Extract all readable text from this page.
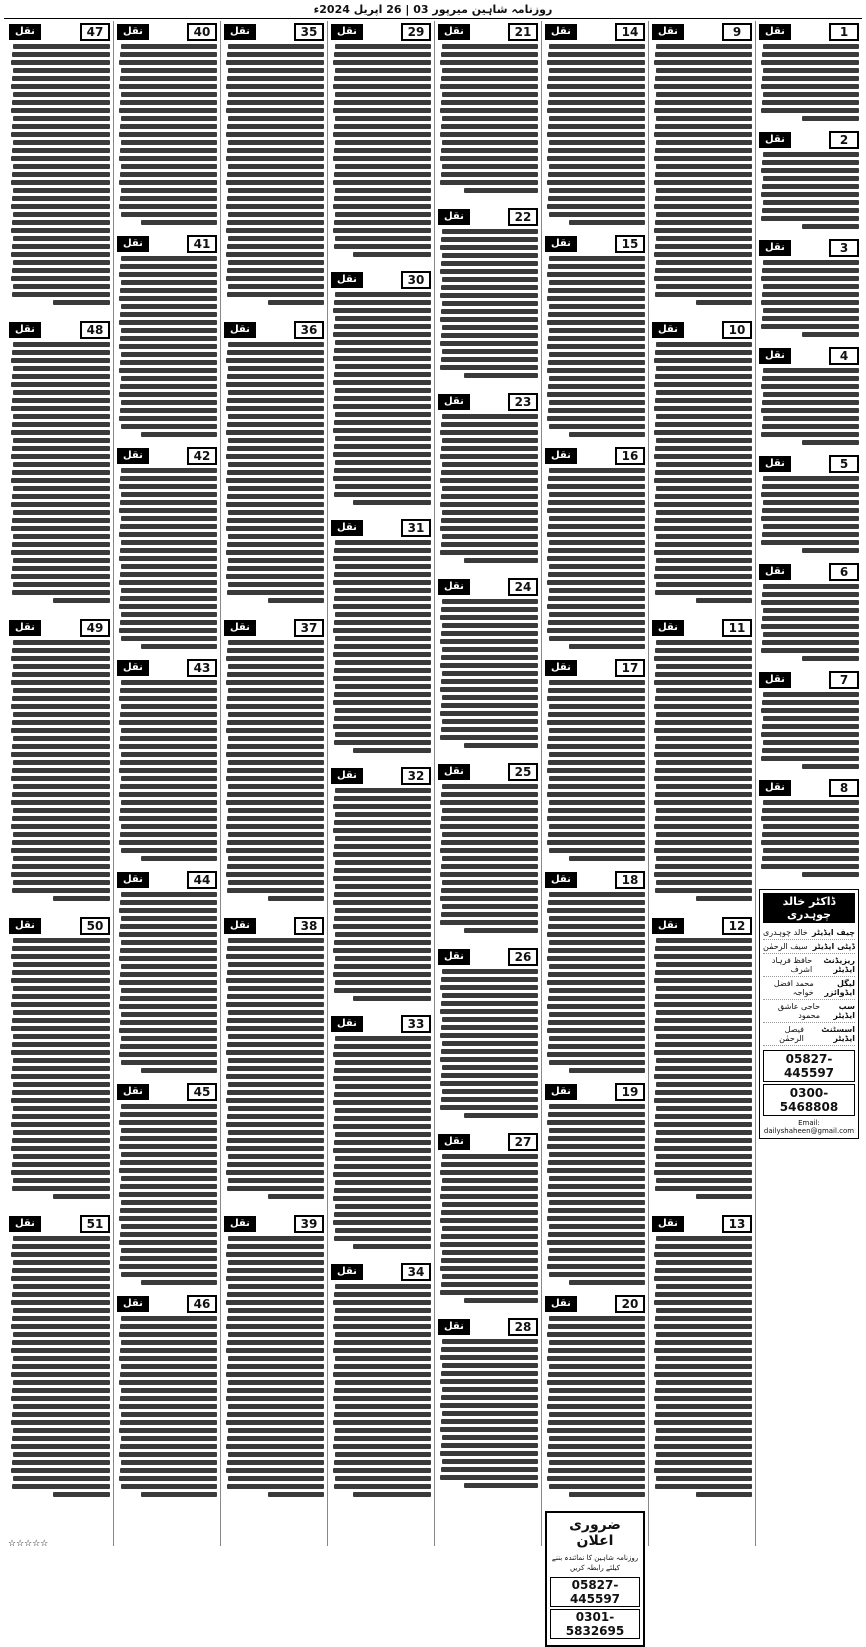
روزنامہ شاہین میرپور 03 | 26 اپریل 2024ء
1
نقل
2
نقل
3
نقل
4
نقل
5
نقل
6
نقل
7
نقل
8
نقل
ڈاکٹر خالد چوہدری
چیف ایڈیٹر
خالد چوہدری
ڈپٹی ایڈیٹر
سیف الرحمٰن
ریزیڈنٹ ایڈیٹر
حافظ فرہاد اشرف
لیگل ایڈوائزر
محمد افضل خواجہ
سب ایڈیٹر
حاجی عاشق محمود
اسسٹنٹ ایڈیٹر
فیصل الرحمٰن
05827-445597
0300-5468808
Email: dailyshaheen@gmail.com
9
نقل
10
نقل
11
نقل
12
نقل
13
نقل
14
نقل
15
نقل
16
نقل
17
نقل
18
نقل
19
نقل
20
نقل
ضروری اعلان
روزنامہ شاہین کا نمائندہ بننے کیلئے رابطہ کریں
05827-445597
0301-5832695
21
نقل
22
نقل
23
نقل
24
نقل
25
نقل
26
نقل
27
نقل
28
نقل
29
نقل
30
نقل
31
نقل
32
نقل
33
نقل
34
نقل
35
نقل
36
نقل
37
نقل
38
نقل
39
نقل
40
نقل
41
نقل
42
نقل
43
نقل
44
نقل
45
نقل
46
نقل
47
نقل
48
نقل
49
نقل
50
نقل
51
نقل
☆☆☆☆☆
